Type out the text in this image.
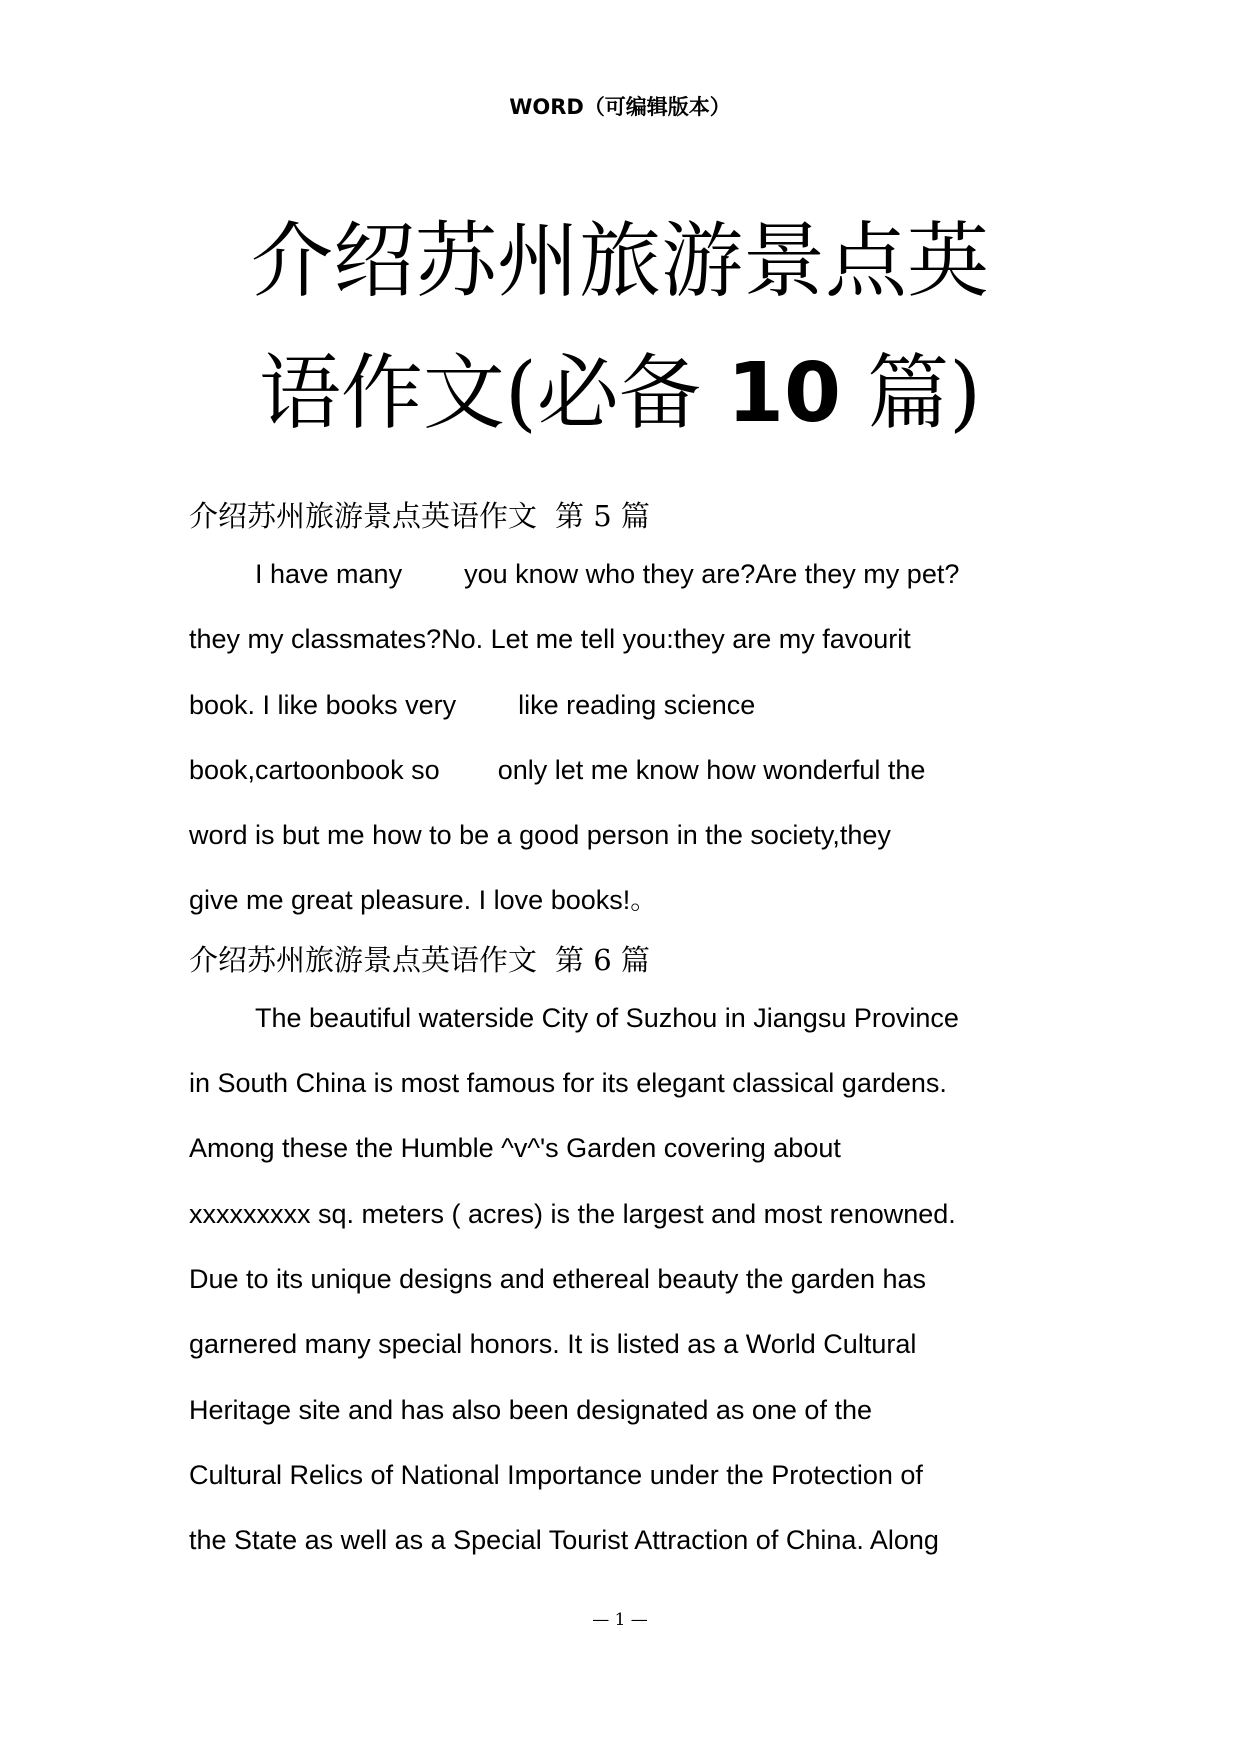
WORD（可编辑版本）
介绍苏州旅游景点英
语作文(必备 10 篇)
介绍苏州旅游景点英语作文 第 5 篇
I have many you know who they are?Are they my pet?
they my classmates?No. Let me tell you:they are my favourit
book. I like books very like reading science
book,cartoonbook so only let me know how wonderful the
word is but me how to be a good person in the society,they
give me great pleasure. I love books!。
介绍苏州旅游景点英语作文 第 6 篇
The beautiful waterside City of Suzhou in Jiangsu Province
in South China is most famous for its elegant classical gardens.
Among these the Humble ^v^'s Garden covering about
xxxxxxxxx sq. meters ( acres) is the largest and most renowned.
Due to its unique designs and ethereal beauty the garden has
garnered many special honors. It is listed as a World Cultural
Heritage site and has also been designated as one of the
Cultural Relics of National Importance under the Protection of
the State as well as a Special Tourist Attraction of China. Along
— 1 —
